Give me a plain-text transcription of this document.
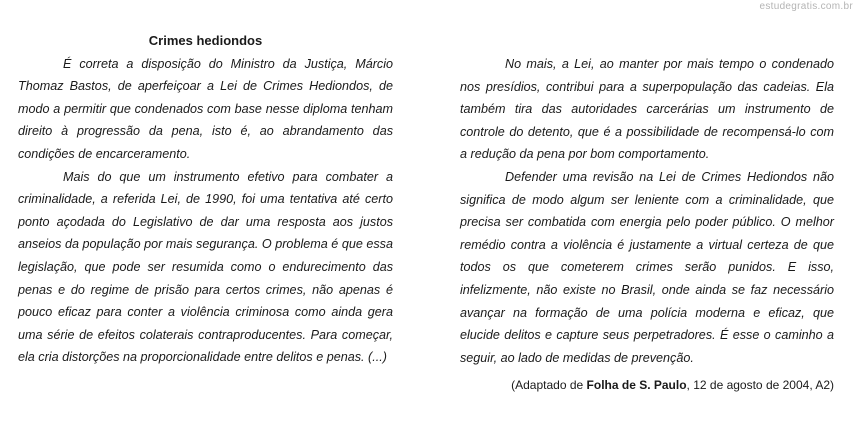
estudegratis.com.br
Crimes hediondos

É correta a disposição do Ministro da Justiça, Márcio Thomaz Bastos, de aperfeiçoar a Lei de Crimes Hediondos, de modo a permitir que condenados com base nesse diploma tenham direito à progressão da pena, isto é, ao abrandamento das condições de encarceramento.

Mais do que um instrumento efetivo para combater a criminalidade, a referida Lei, de 1990, foi uma tentativa até certo ponto açodada do Legislativo de dar uma resposta aos justos anseios da população por mais segurança. O problema é que essa legislação, que pode ser resumida como o endurecimento das penas e do regime de prisão para certos crimes, não apenas é pouco eficaz para conter a violência criminosa como ainda gera uma série de efeitos colaterais contraproducentes. Para começar, ela cria distorções na proporcionalidade entre delitos e penas. (...)

No mais, a Lei, ao manter por mais tempo o condenado nos presídios, contribui para a superpopulação das cadeias. Ela também tira das autoridades carcerárias um instrumento de controle do detento, que é a possibilidade de recompensá-lo com a redução da pena por bom comportamento.

Defender uma revisão na Lei de Crimes Hediondos não significa de modo algum ser leniente com a criminalidade, que precisa ser combatida com energia pelo poder público. O melhor remédio contra a violência é justamente a virtual certeza de que todos os que cometerem crimes serão punidos. E isso, infelizmente, não existe no Brasil, onde ainda se faz necessário avançar na formação de uma polícia moderna e eficaz, que elucide delitos e capture seus perpetradores. É esse o caminho a seguir, ao lado de medidas de prevenção.

(Adaptado de Folha de S. Paulo, 12 de agosto de 2004, A2)
